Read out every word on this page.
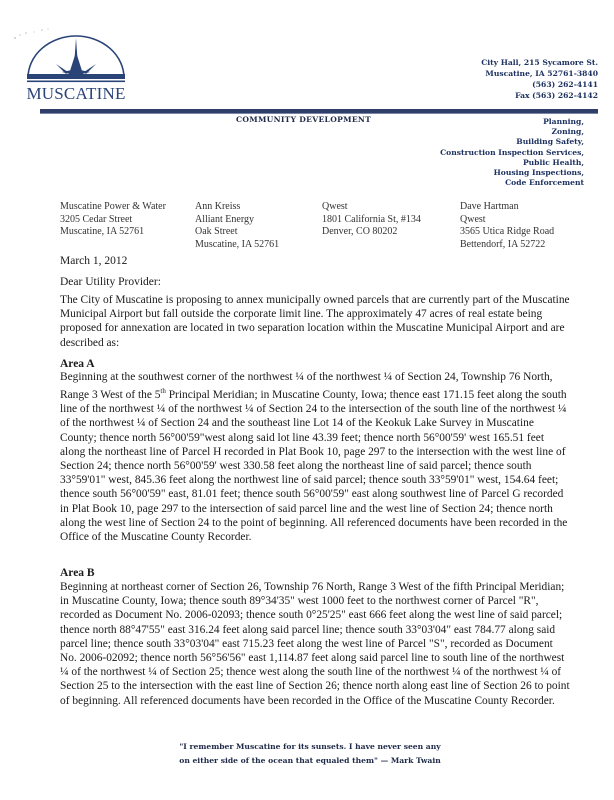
MUSCATINE
City Hall, 215 Sycamore St.
Muscatine, IA 52761-3840
(563) 262-4141
Fax (563) 262-4142
COMMUNITY DEVELOPMENT	Planning,
Zoning,
Building Safety,
Construction Inspection Services,
Public Health,
Housing Inspections,
Code Enforcement
Muscatine Power & Water
3205 Cedar Street
Muscatine, IA 52761
Ann Kreiss
Alliant Energy
Oak Street
Muscatine, IA 52761
Qwest
1801 California St, #134
Denver, CO 80202
Dave Hartman
Qwest
3565 Utica Ridge Road
Bettendorf, IA 52722
March 1, 2012
Dear Utility Provider:
The City of Muscatine is proposing to annex municipally owned parcels that are currently part of the Muscatine Municipal Airport but fall outside the corporate limit line. The approximately 47 acres of real estate being proposed for annexation are located in two separation location within the Muscatine Municipal Airport and are described as:
Area A
Beginning at the southwest corner of the northwest ¼ of the northwest ¼ of Section 24, Township 76 North, Range 3 West of the 5th Principal Meridian; in Muscatine County, Iowa; thence east 171.15 feet along the south line of the northwest ¼ of the northwest ¼ of Section 24 to the intersection of the south line of the northwest ¼ of the northwest ¼ of Section 24 and the southeast line Lot 14 of the Keokuk Lake Survey in Muscatine County; thence north 56°00'59"west along said lot line 43.39 feet; thence north 56°00'59' west 165.51 feet along the northeast line of Parcel H recorded in Plat Book 10, page 297 to the intersection with the west line of Section 24; thence north 56°00'59' west 330.58 feet along the northeast line of said parcel; thence south 33°59'01" west, 845.36 feet along the northwest line of said parcel; thence south 33°59'01" west, 154.64 feet; thence south 56°00'59" east, 81.01 feet; thence south 56°00'59" east along southwest line of Parcel G recorded in Plat Book 10, page 297 to the intersection of said parcel line and the west line of Section 24; thence north along the west line of Section 24 to the point of beginning. All referenced documents have been recorded in the Office of the Muscatine County Recorder.
Area B
Beginning at northeast corner of Section 26, Township 76 North, Range 3 West of the fifth Principal Meridian; in Muscatine County, Iowa; thence south 89°34'35" west 1000 feet to the northwest corner of Parcel "R", recorded as Document No. 2006-02093; thence south 0°25'25" east 666 feet along the west line of said parcel; thence north 88°47'55" east 316.24 feet along said parcel line; thence south 33°03'04" east 784.77 along said parcel line; thence south 33°03'04" east 715.23 feet along the west line of Parcel "S", recorded as Document No. 2006-02092; thence north 56°56'56" east 1,114.87 feet along said parcel line to south line of the northwest ¼ of the northwest ¼ of Section 25; thence west along the south line of the northwest ¼ of the northwest ¼ of Section 25 to the intersection with the east line of Section 26; thence north along east line of Section 26 to point of beginning. All referenced documents have been recorded in the Office of the Muscatine County Recorder.
"I remember Muscatine for its sunsets. I have never seen any
on either side of the ocean that equaled them" — Mark Twain
